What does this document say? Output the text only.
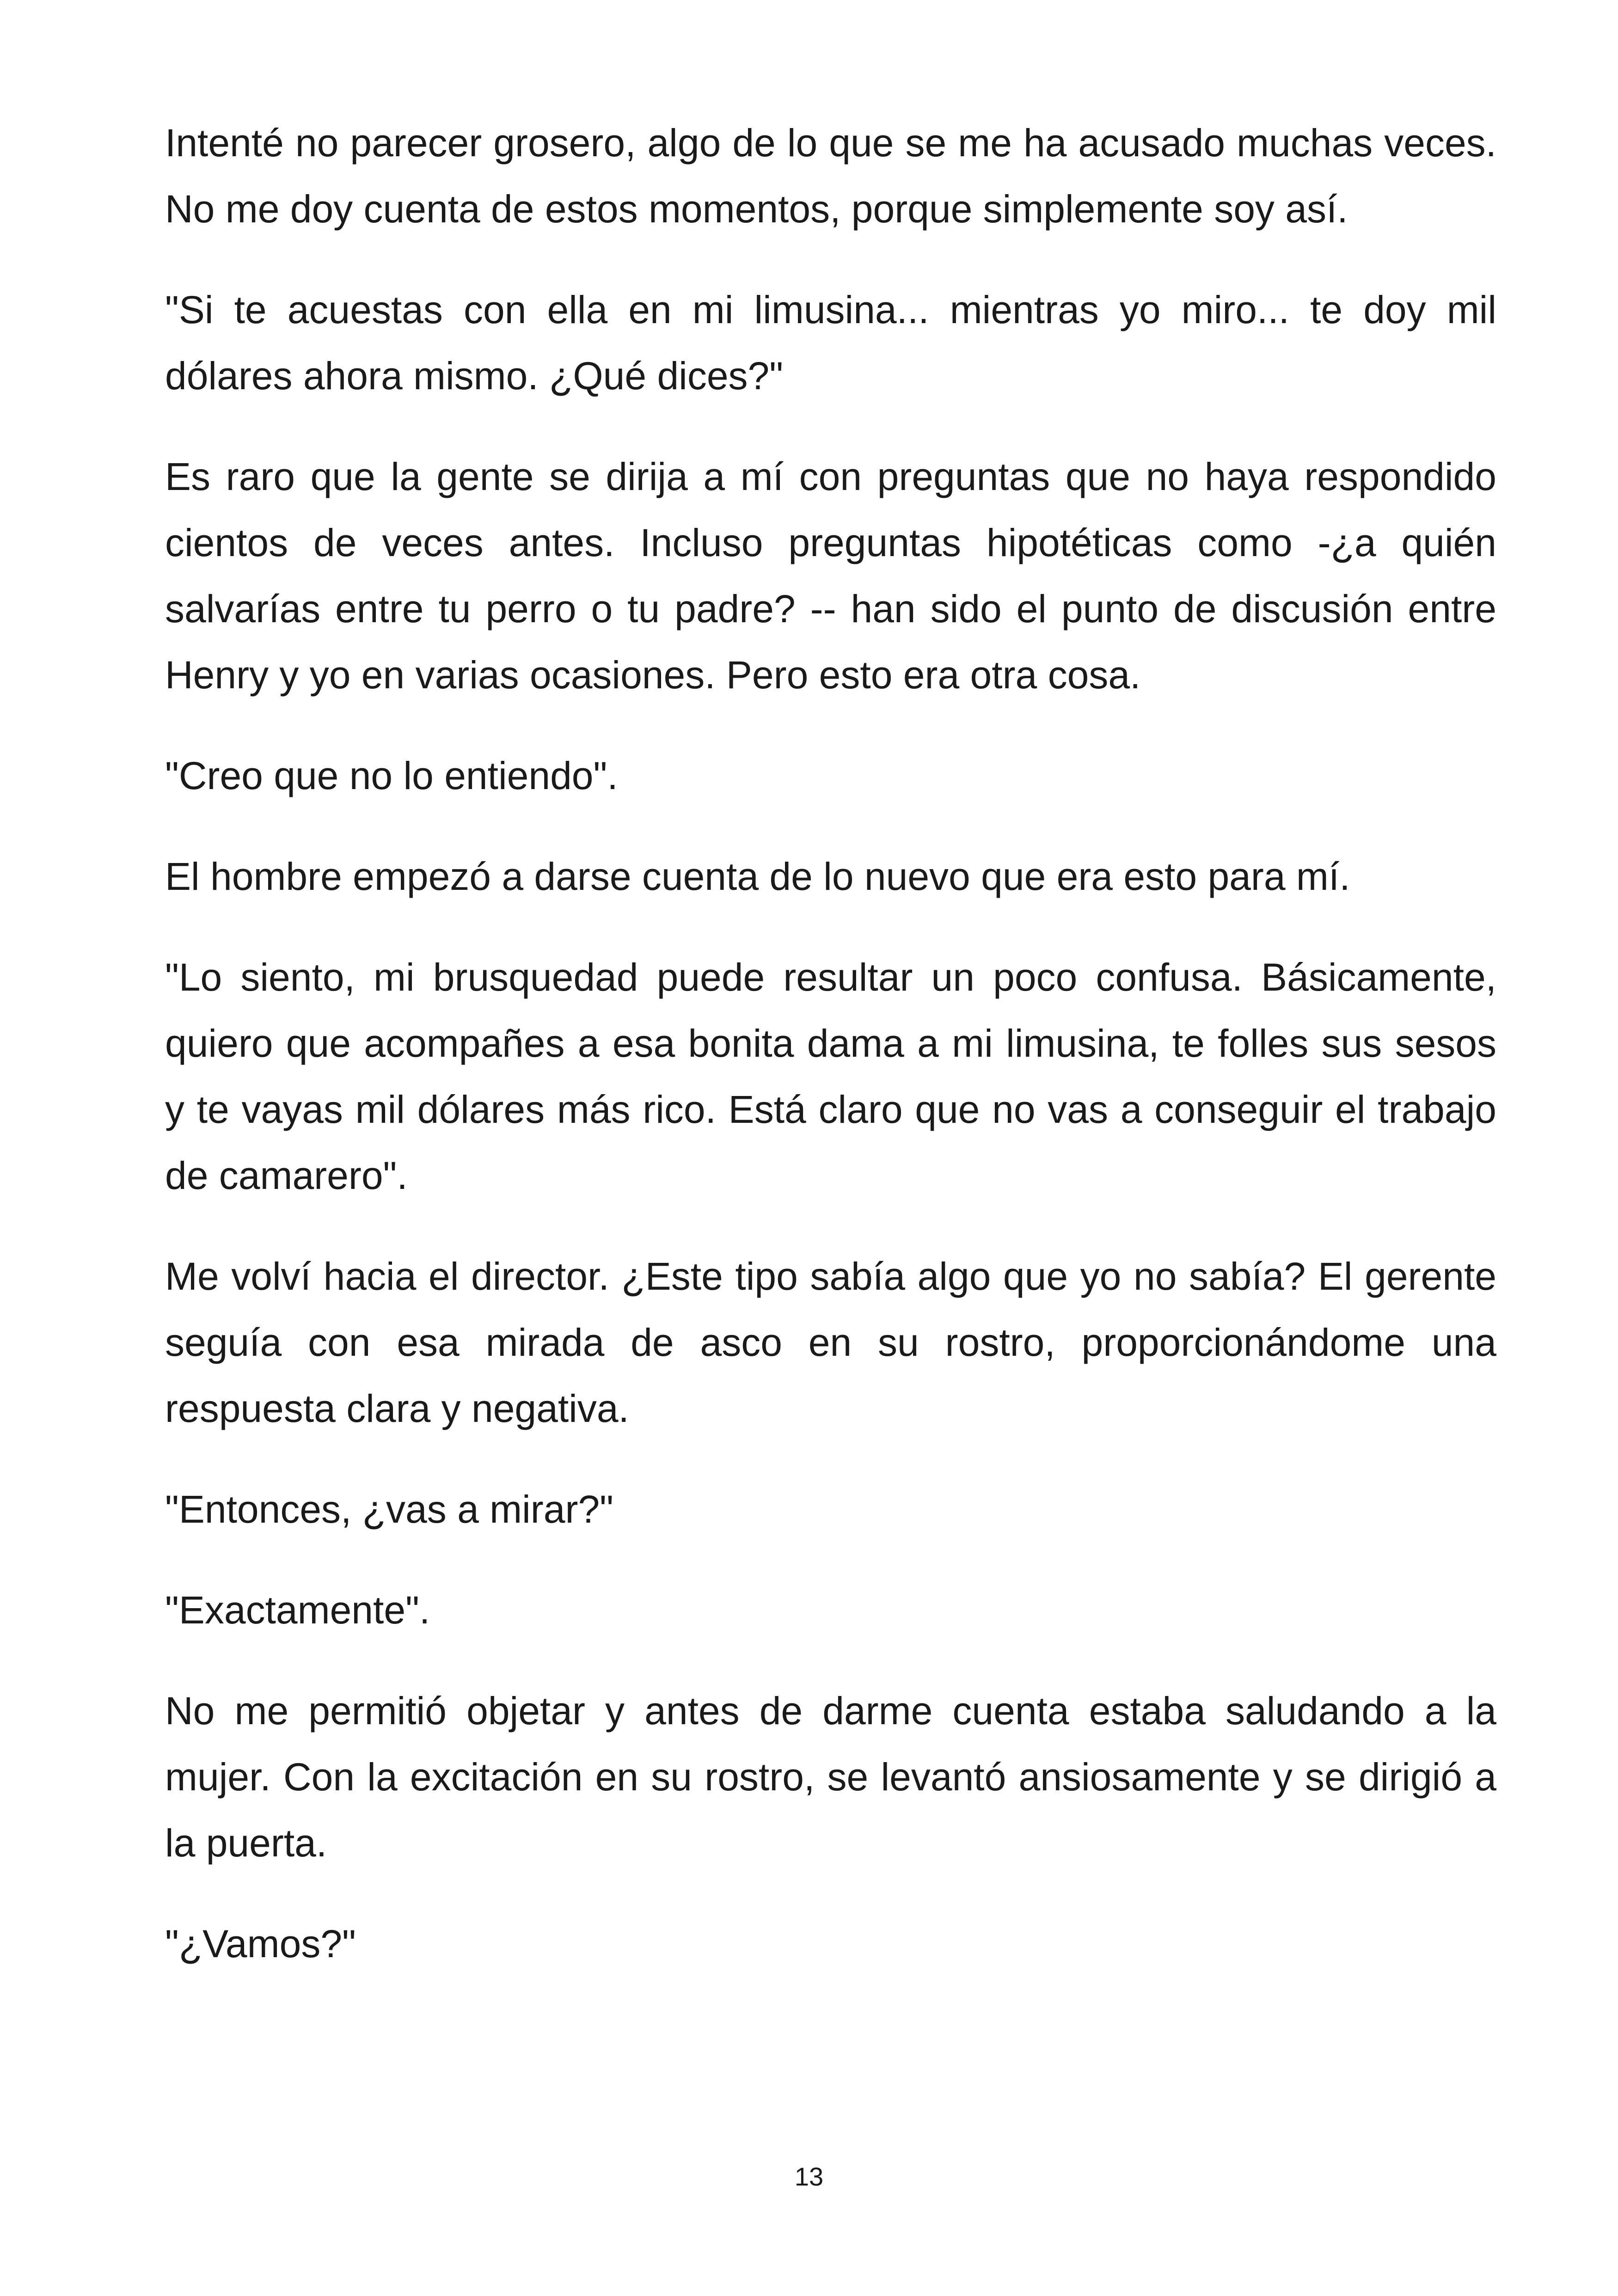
Intenté no parecer grosero, algo de lo que se me ha acusado muchas veces. No me doy cuenta de estos momentos, porque simplemente soy así.

"Si te acuestas con ella en mi limusina... mientras yo miro... te doy mil dólares ahora mismo. ¿Qué dices?"

Es raro que la gente se dirija a mí con preguntas que no haya respondido cientos de veces antes. Incluso preguntas hipotéticas como -¿a quién salvarías entre tu perro o tu padre? -- han sido el punto de discusión entre Henry y yo en varias ocasiones. Pero esto era otra cosa.

"Creo que no lo entiendo".

El hombre empezó a darse cuenta de lo nuevo que era esto para mí.

"Lo siento, mi brusquedad puede resultar un poco confusa. Básicamente, quiero que acompañes a esa bonita dama a mi limusina, te folles sus sesos y te vayas mil dólares más rico. Está claro que no vas a conseguir el trabajo de camarero".

Me volví hacia el director. ¿Este tipo sabía algo que yo no sabía? El gerente seguía con esa mirada de asco en su rostro, proporcionándome una respuesta clara y negativa.

"Entonces, ¿vas a mirar?"

"Exactamente".

No me permitió objetar y antes de darme cuenta estaba saludando a la mujer. Con la excitación en su rostro, se levantó ansiosamente y se dirigió a la puerta.

"¿Vamos?"

13
